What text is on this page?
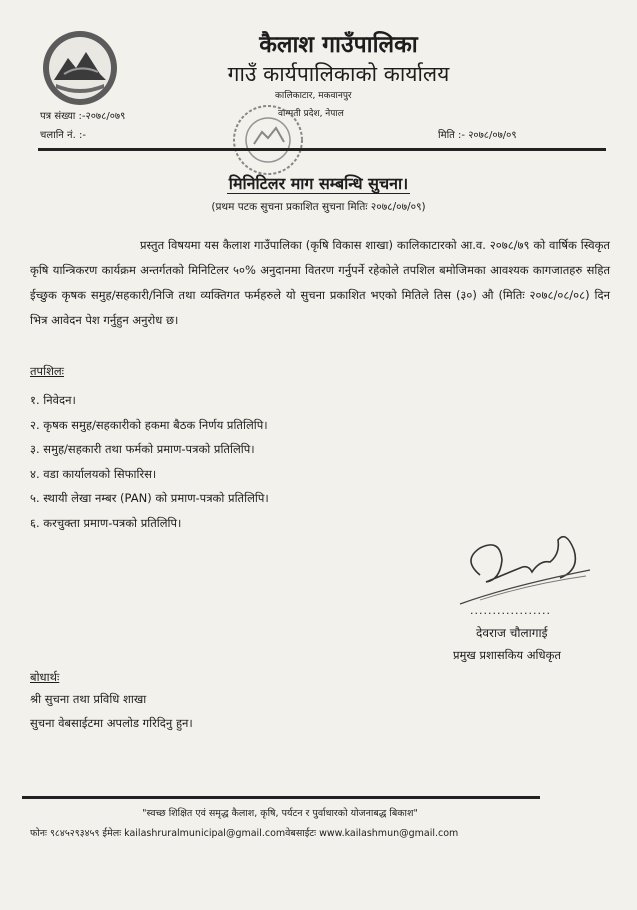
कैलाश गाउँपालिका
गाउँ कार्यपालिकाको कार्यालय
कालिकाटार, मकवानपुर
वाग्मती प्रदेश, नेपाल
पत्र संख्या :-२०७८/०७९
चलानि नं. :-	मिति :- २०७८/०७/०९
मिनिटिलर माग सम्बन्धि सुचना।
(प्रथम पटक सुचना प्रकाशित सुचना मितिः २०७८/०७/०९)
प्रस्तुत विषयमा यस कैलाश गाउँपालिका (कृषि विकास शाखा) कालिकाटारको आ.व. २०७८/७९ को वार्षिक स्विकृत कृषि यान्त्रिकरण कार्यक्रम अन्तर्गतको मिनिटिलर ५०% अनुदानमा वितरण गर्नुपर्ने रहेकोले तपशिल बमोजिमका आवश्यक कागजातहरु सहित ईच्छुक कृषक समुह/सहकारी/निजि तथा व्यक्तिगत फर्महरुले यो सुचना प्रकाशित भएको मितिले तिस (३०) औ (मितिः २०७८/०८/०८) दिन भित्र आवेदन पेश गर्नुहुन अनुरोध छ।
तपशिलः
१. निवेदन।
२. कृषक समुह/सहकारीको हकमा बैठक निर्णय प्रतिलिपि।
३. समुह/सहकारी तथा फर्मको प्रमाण-पत्रको प्रतिलिपि।
४. वडा कार्यालयको सिफारिस।
५. स्थायी लेखा नम्बर (PAN) को प्रमाण-पत्रको प्रतिलिपि।
६. करचुक्ता प्रमाण-पत्रको प्रतिलिपि।
..................
देवराज चौलागाई
प्रमुख प्रशासकिय अधिकृत
बोधार्थः
श्री सुचना तथा प्रविधि शाखा
सुचना वेबसाईटमा अपलोड गरिदिनु हुन।
"स्वच्छ शिक्षित एवं समृद्ध कैलाश, कृषि, पर्यटन र पुर्वाधारको योजनाबद्ध बिकाश"
फोनः ९८४५२९३४५९ ईमेलः kailashruralmunicipal@gmail.comवेबसाईटः www.kailashmun@gmail.com
